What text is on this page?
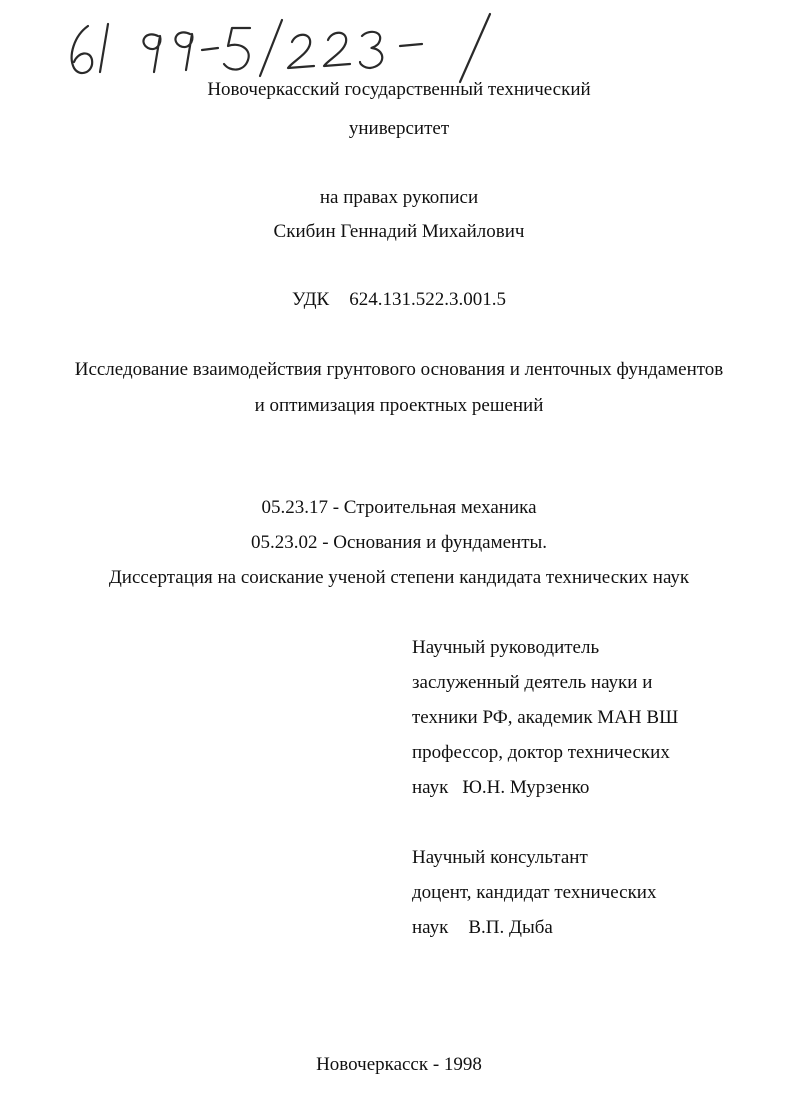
Новочеркасский государственный технический
университет
на правах рукописи
Скибин Геннадий Михайлович
УДК 624.131.522.3.001.5
Исследование взаимодействия грунтового основания и ленточных фундаментов
и оптимизация проектных решений
05.23.17 - Строительная механика
05.23.02 - Основания и фундаменты.
Диссертация на соискание ученой степени кандидата технических наук
Научный руководитель
заслуженный деятель науки и
техники РФ, академик МАН ВШ
профессор, доктор технических
наук Ю.Н. Мурзенко
Научный консультант
доцент, кандидат технических
наук В.П. Дыба
Новочеркасск - 1998
